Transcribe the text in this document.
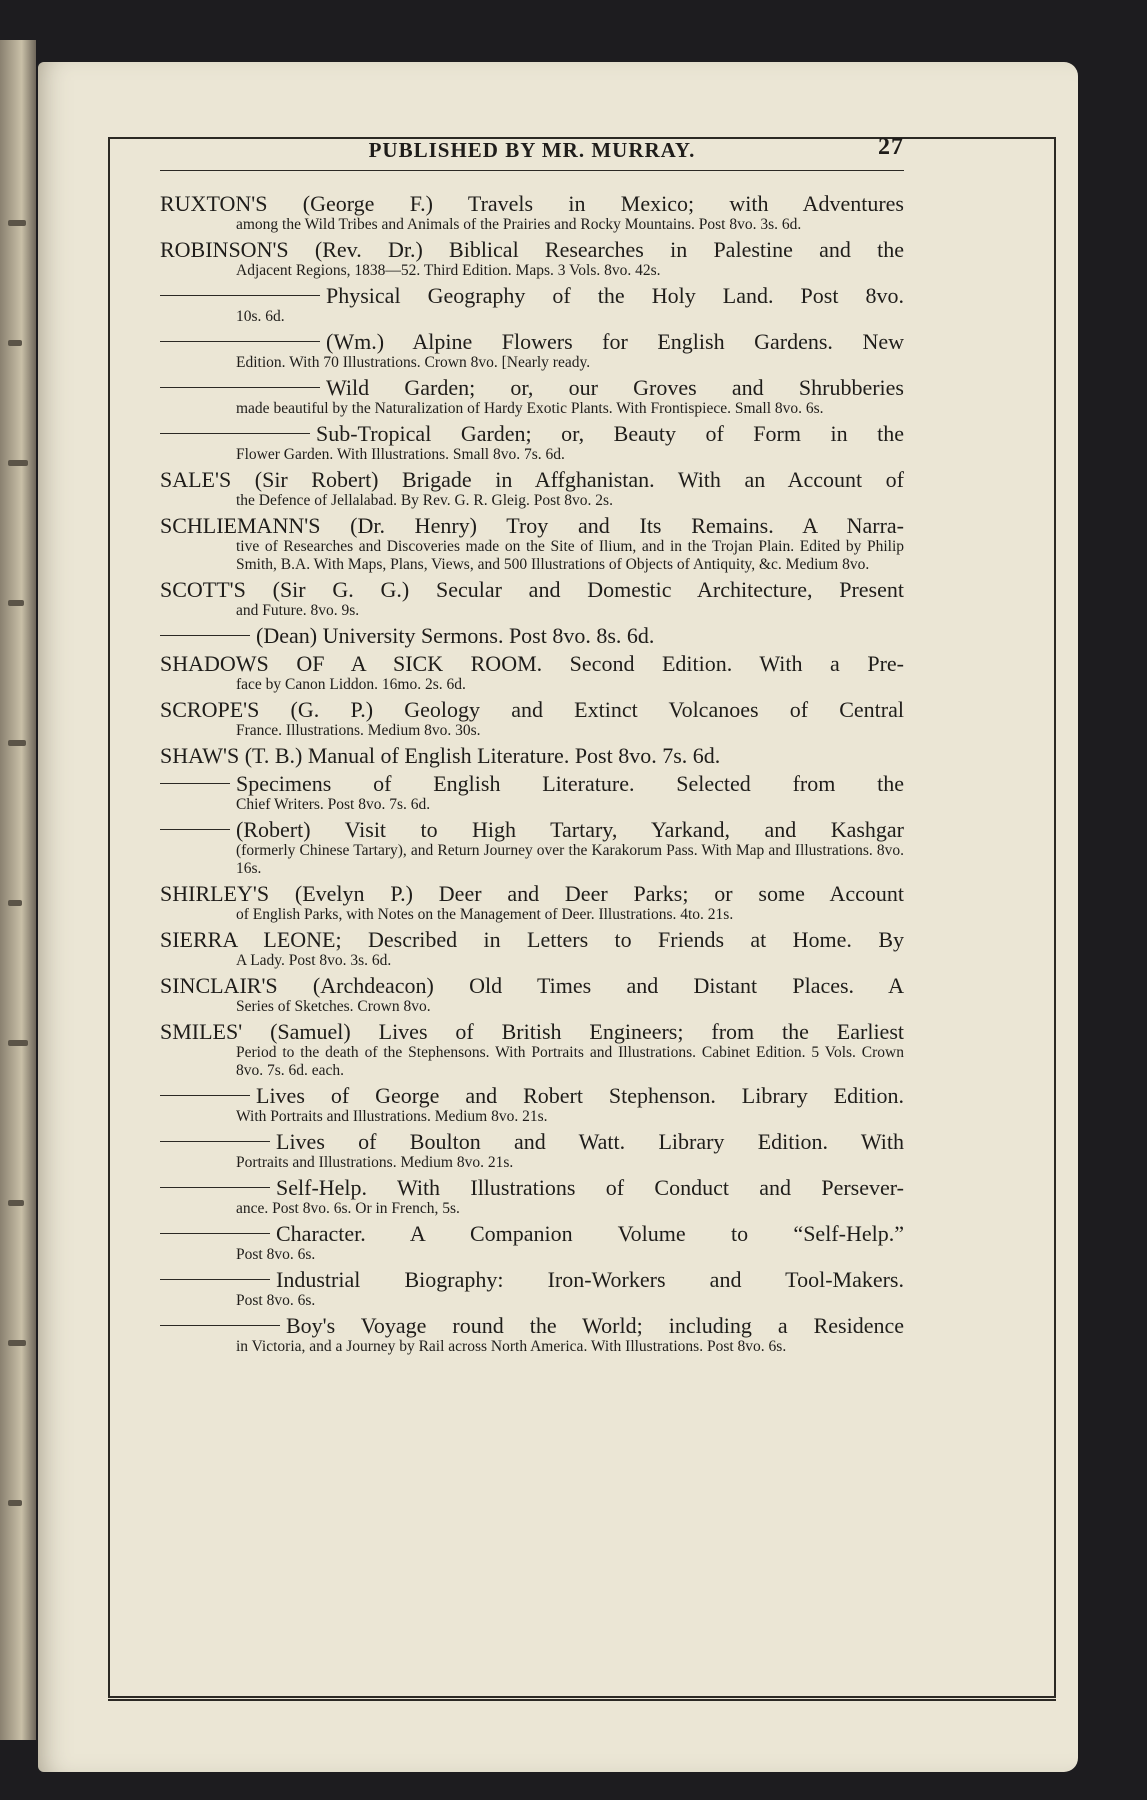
PUBLISHED BY MR. MURRAY.	27
RUXTON'S (George F.) Travels in Mexico; with Adventures
among the Wild Tribes and Animals of the Prairies and Rocky Mountains. Post 8vo. 3s. 6d.
ROBINSON'S (Rev. Dr.) Biblical Researches in Palestine and the
Adjacent Regions, 1838—52. Third Edition. Maps. 3 Vols. 8vo. 42s.
Physical Geography of the Holy Land. Post 8vo.
10s. 6d.
(Wm.) Alpine Flowers for English Gardens. New
Edition. With 70 Illustrations. Crown 8vo. [Nearly ready.
Wild Garden; or, our Groves and Shrubberies
made beautiful by the Naturalization of Hardy Exotic Plants. With Frontispiece. Small 8vo. 6s.
Sub-Tropical Garden; or, Beauty of Form in the
Flower Garden. With Illustrations. Small 8vo. 7s. 6d.
SALE'S (Sir Robert) Brigade in Affghanistan. With an Account of
the Defence of Jellalabad. By Rev. G. R. Gleig. Post 8vo. 2s.
SCHLIEMANN'S (Dr. Henry) Troy and Its Remains. A Narra-
tive of Researches and Discoveries made on the Site of Ilium, and in the Trojan Plain. Edited by Philip Smith, B.A. With Maps, Plans, Views, and 500 Illustrations of Objects of Antiquity, &c. Medium 8vo.
SCOTT'S (Sir G. G.) Secular and Domestic Architecture, Present
and Future. 8vo. 9s.
(Dean) University Sermons. Post 8vo. 8s. 6d.
SHADOWS OF A SICK ROOM. Second Edition. With a Pre-
face by Canon Liddon. 16mo. 2s. 6d.
SCROPE'S (G. P.) Geology and Extinct Volcanoes of Central
France. Illustrations. Medium 8vo. 30s.
SHAW'S (T. B.) Manual of English Literature. Post 8vo. 7s. 6d.
Specimens of English Literature. Selected from the
Chief Writers. Post 8vo. 7s. 6d.
(Robert) Visit to High Tartary, Yarkand, and Kashgar
(formerly Chinese Tartary), and Return Journey over the Karakorum Pass. With Map and Illustrations. 8vo. 16s.
SHIRLEY'S (Evelyn P.) Deer and Deer Parks; or some Account
of English Parks, with Notes on the Management of Deer. Illustrations. 4to. 21s.
SIERRA LEONE; Described in Letters to Friends at Home. By
A Lady. Post 8vo. 3s. 6d.
SINCLAIR'S (Archdeacon) Old Times and Distant Places. A
Series of Sketches. Crown 8vo.
SMILES' (Samuel) Lives of British Engineers; from the Earliest
Period to the death of the Stephensons. With Portraits and Illustrations. Cabinet Edition. 5 Vols. Crown 8vo. 7s. 6d. each.
Lives of George and Robert Stephenson. Library Edition.
With Portraits and Illustrations. Medium 8vo. 21s.
Lives of Boulton and Watt. Library Edition. With
Portraits and Illustrations. Medium 8vo. 21s.
Self-Help. With Illustrations of Conduct and Persever-
ance. Post 8vo. 6s. Or in French, 5s.
Character. A Companion Volume to “Self-Help.”
Post 8vo. 6s.
Industrial Biography: Iron-Workers and Tool-Makers.
Post 8vo. 6s.
Boy's Voyage round the World; including a Residence
in Victoria, and a Journey by Rail across North America. With Illustrations. Post 8vo. 6s.
